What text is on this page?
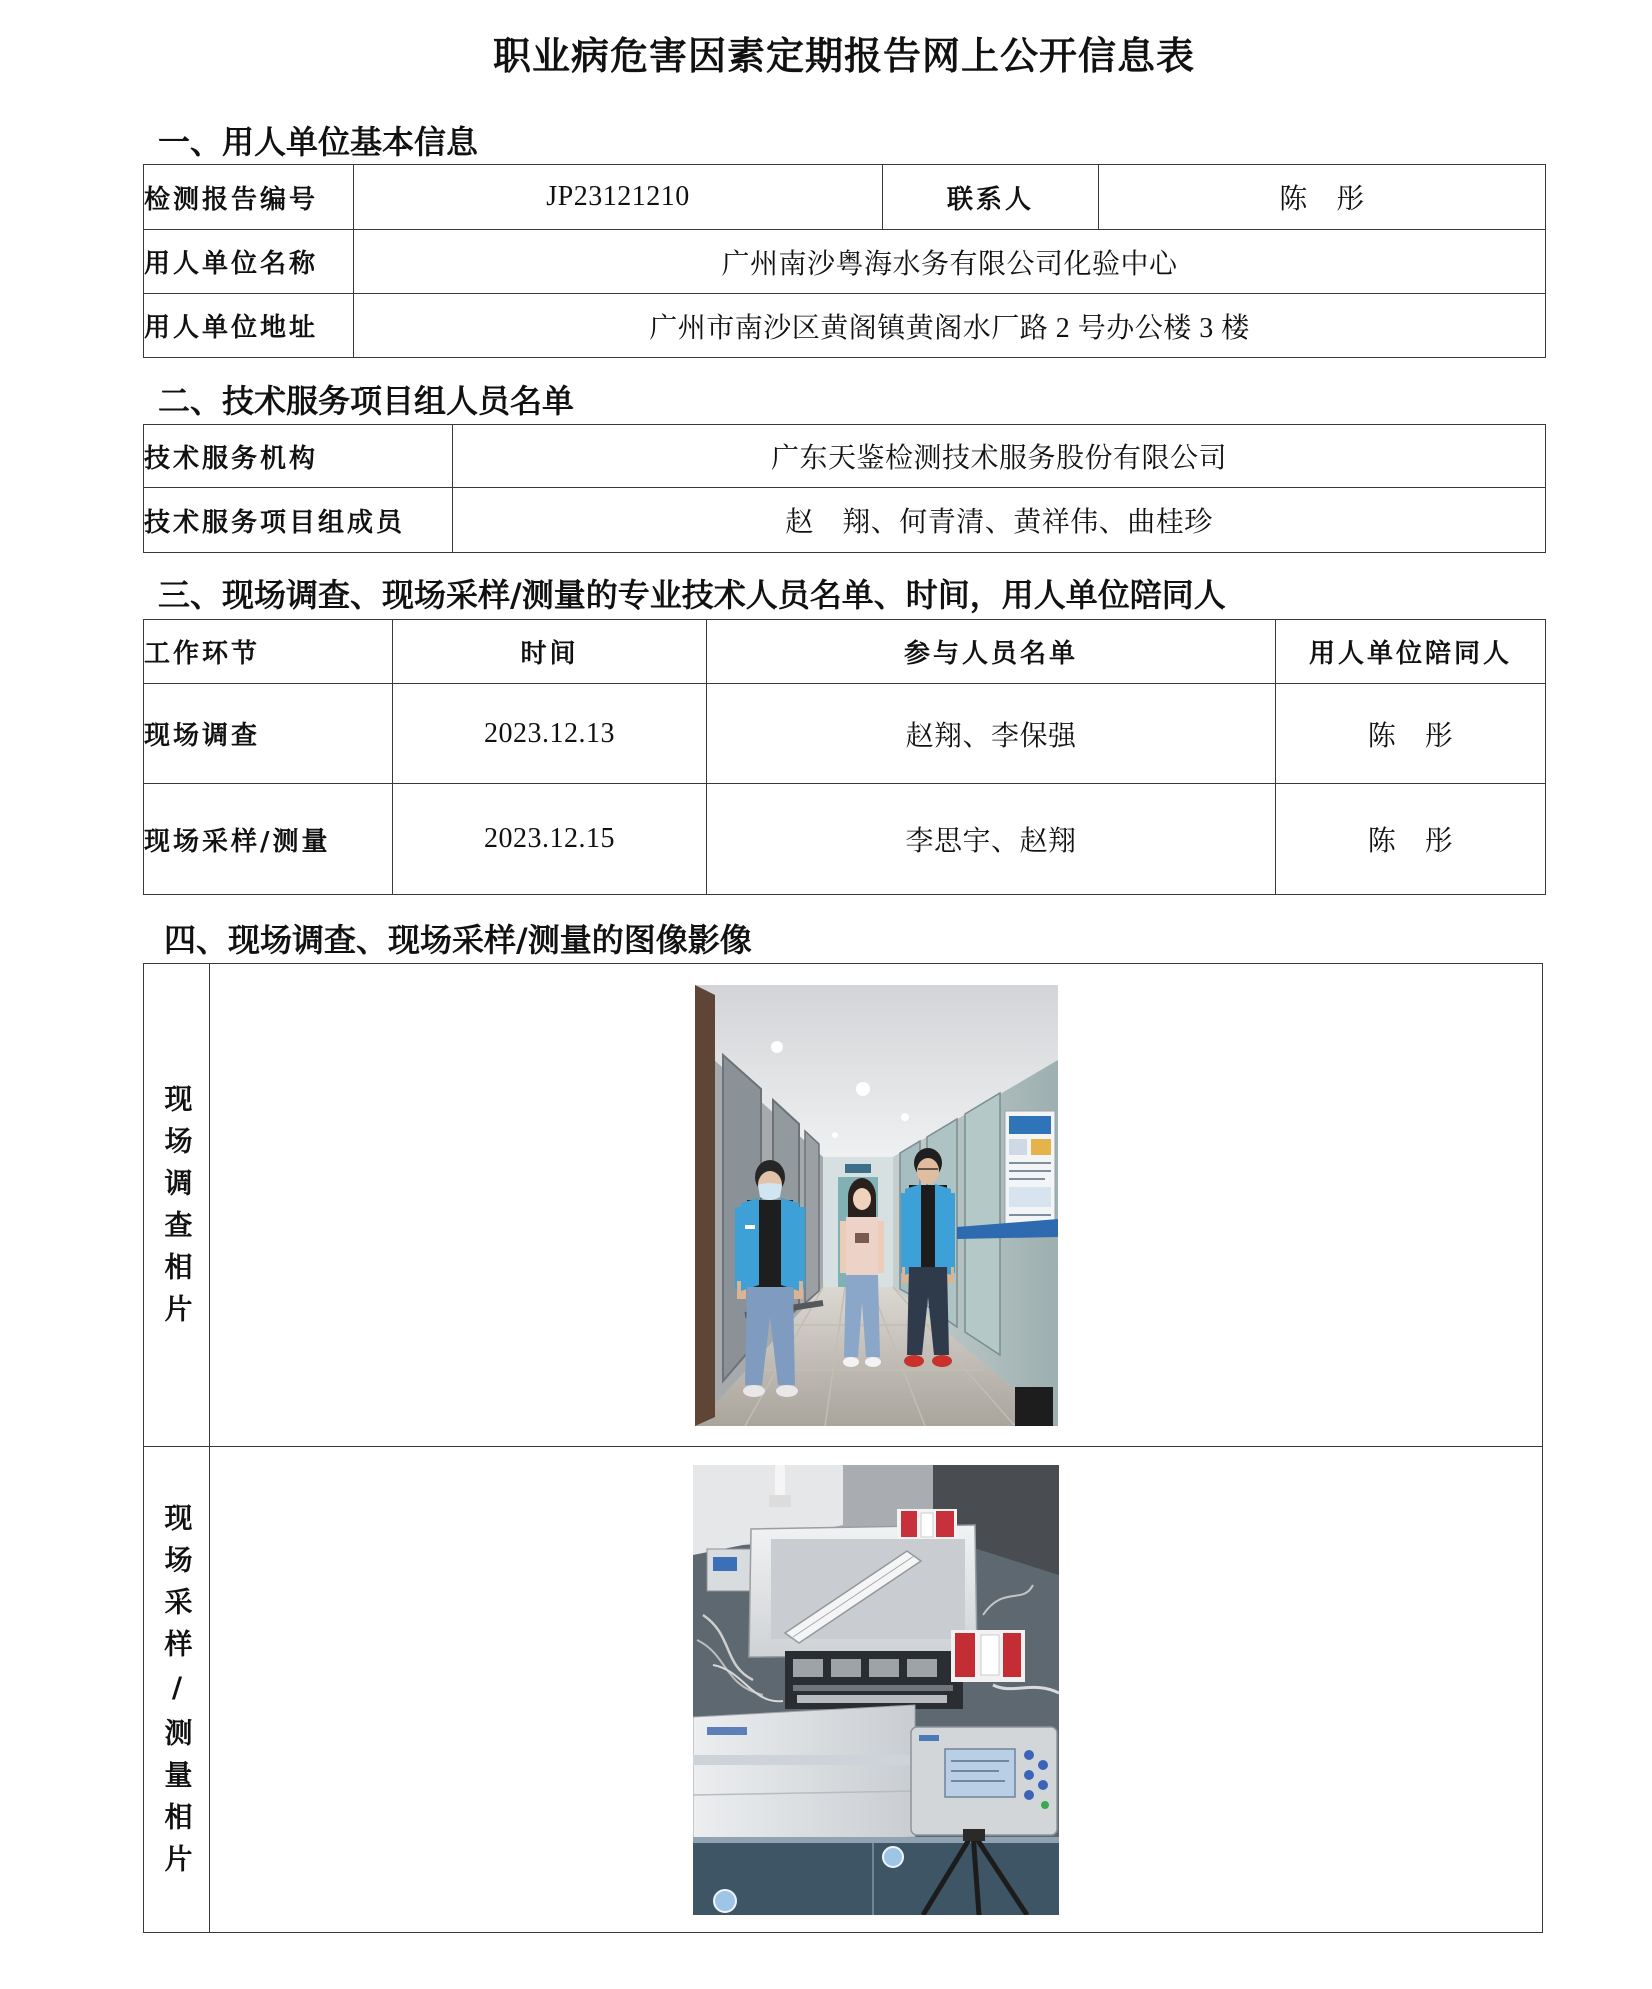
职业病危害因素定期报告网上公开信息表
一、用人单位基本信息
检测报告编号	JP23121210	联系人	陈　彤
用人单位名称	广州南沙粤海水务有限公司化验中心		
用人单位地址	广州市南沙区黄阁镇黄阁水厂路 2 号办公楼 3 楼		
二、技术服务项目组人员名单
技术服务机构	广东天鉴检测技术服务股份有限公司
技术服务项目组成员	赵　翔、何青清、黄祥伟、曲桂珍
三、现场调查、现场采样/测量的专业技术人员名单、时间，用人单位陪同人
工作环节	时间	参与人员名单	用人单位陪同人
现场调查	2023.12.13	赵翔、李保强	陈　彤
现场采样/测量	2023.12.15	李思宇、赵翔	陈　彤
四、现场调查、现场采样/测量的图像影像
现场调查相片	
现场采样/测量相片	
